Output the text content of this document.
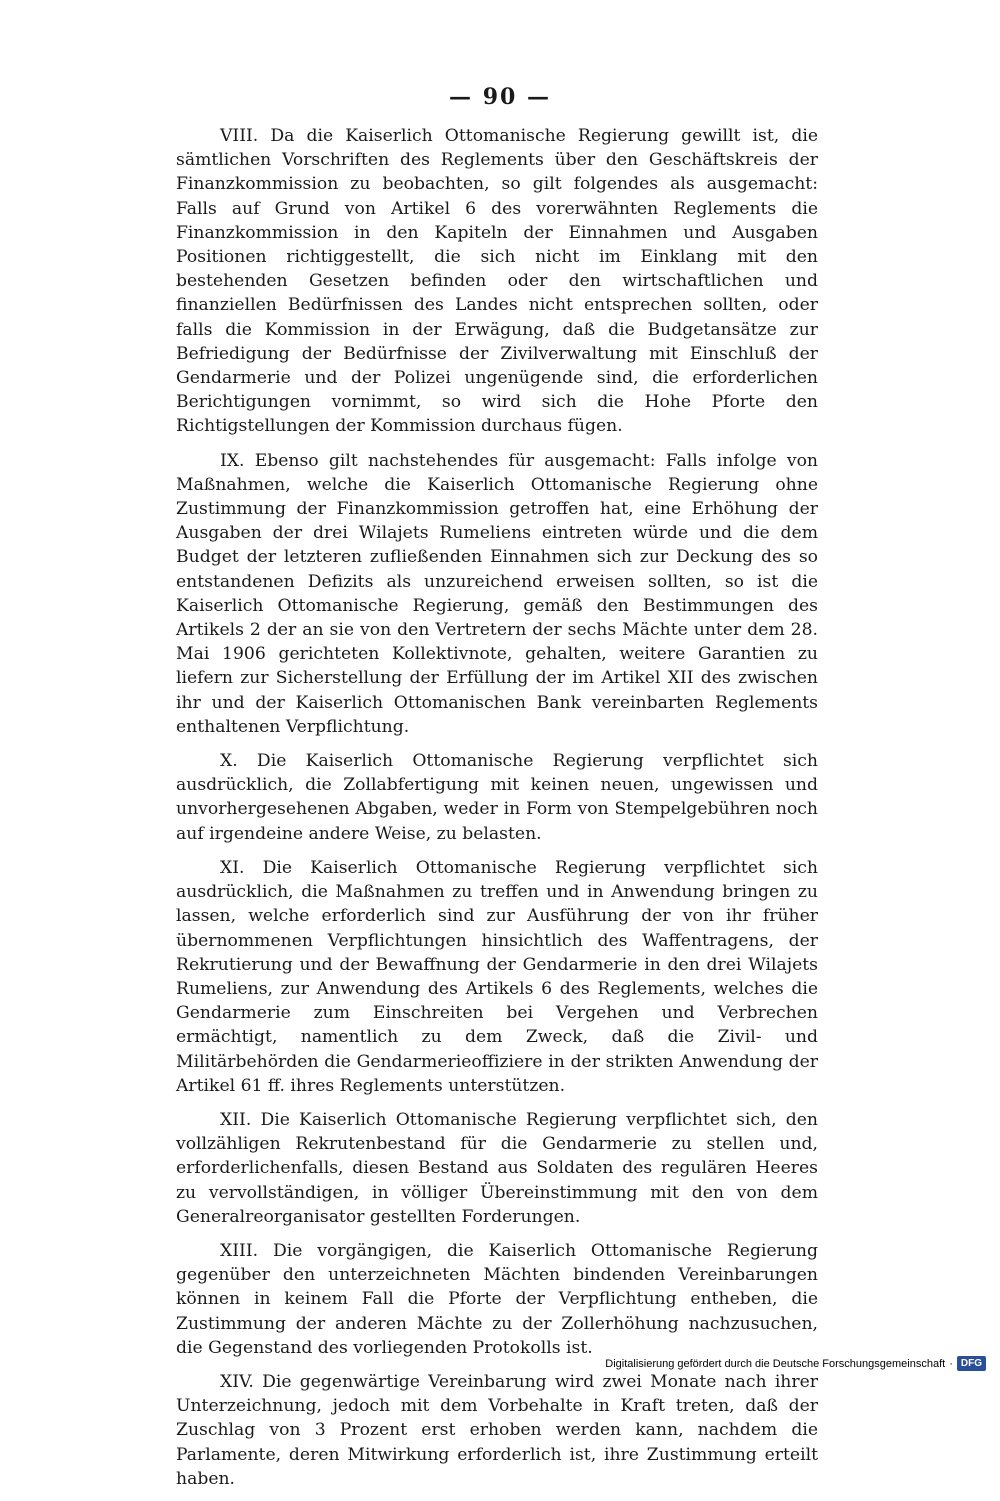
— 90 —

VIII. Da die Kaiserlich Ottomanische Regierung gewillt ist, die sämtlichen Vorschriften des Reglements über den Geschäftskreis der Finanzkommission zu beobachten, so gilt folgendes als ausgemacht: Falls auf Grund von Artikel 6 des vorerwähnten Reglements die Finanzkommission in den Kapiteln der Einnahmen und Ausgaben Positionen richtiggestellt, die sich nicht im Einklang mit den bestehenden Gesetzen befinden oder den wirtschaftlichen und finanziellen Bedürfnissen des Landes nicht entsprechen sollten, oder falls die Kommission in der Erwägung, daß die Budgetansätze zur Befriedigung der Bedürfnisse der Zivilverwaltung mit Einschluß der Gendarmerie und der Polizei ungenügende sind, die erforderlichen Berichtigungen vornimmt, so wird sich die Hohe Pforte den Richtigstellungen der Kommission durchaus fügen.

IX. Ebenso gilt nachstehendes für ausgemacht: Falls infolge von Maßnahmen, welche die Kaiserlich Ottomanische Regierung ohne Zustimmung der Finanzkommission getroffen hat, eine Erhöhung der Ausgaben der drei Wilajets Rumeliens eintreten würde und die dem Budget der letzteren zufließenden Einnahmen sich zur Deckung des so entstandenen Defizits als unzureichend erweisen sollten, so ist die Kaiserlich Ottomanische Regierung, gemäß den Bestimmungen des Artikels 2 der an sie von den Vertretern der sechs Mächte unter dem 28. Mai 1906 gerichteten Kollektivnote, gehalten, weitere Garantien zu liefern zur Sicherstellung der Erfüllung der im Artikel XII des zwischen ihr und der Kaiserlich Ottomanischen Bank vereinbarten Reglements enthaltenen Verpflichtung.

X. Die Kaiserlich Ottomanische Regierung verpflichtet sich ausdrücklich, die Zollabfertigung mit keinen neuen, ungewissen und unvorhergesehenen Abgaben, weder in Form von Stempelgebühren noch auf irgendeine andere Weise, zu belasten.

XI. Die Kaiserlich Ottomanische Regierung verpflichtet sich ausdrücklich, die Maßnahmen zu treffen und in Anwendung bringen zu lassen, welche erforderlich sind zur Ausführung der von ihr früher übernommenen Verpflichtungen hinsichtlich des Waffentragens, der Rekrutierung und der Bewaffnung der Gendarmerie in den drei Wilajets Rumeliens, zur Anwendung des Artikels 6 des Reglements, welches die Gendarmerie zum Einschreiten bei Vergehen und Verbrechen ermächtigt, namentlich zu dem Zweck, daß die Zivil- und Militärbehörden die Gendarmerieoffiziere in der strikten Anwendung der Artikel 61 ff. ihres Reglements unterstützen.

XII. Die Kaiserlich Ottomanische Regierung verpflichtet sich, den vollzähligen Rekrutenbestand für die Gendarmerie zu stellen und, erforderlichenfalls, diesen Bestand aus Soldaten des regulären Heeres zu vervollständigen, in völliger Übereinstimmung mit den von dem Generalreorganisator gestellten Forderungen.

XIII. Die vorgängigen, die Kaiserlich Ottomanische Regierung gegenüber den unterzeichneten Mächten bindenden Vereinbarungen können in keinem Fall die Pforte der Verpflichtung entheben, die Zustimmung der anderen Mächte zu der Zollerhöhung nachzusuchen, die Gegenstand des vorliegenden Protokolls ist.

XIV. Die gegenwärtige Vereinbarung wird zwei Monate nach ihrer Unterzeichnung, jedoch mit dem Vorbehalte in Kraft treten, daß der Zuschlag von 3 Prozent erst erhoben werden kann, nachdem die Parlamente, deren Mitwirkung erforderlich ist, ihre Zustimmung erteilt haben.

Digitalisierung gefördert durch die Deutsche Forschungsgemeinschaft · DFG
